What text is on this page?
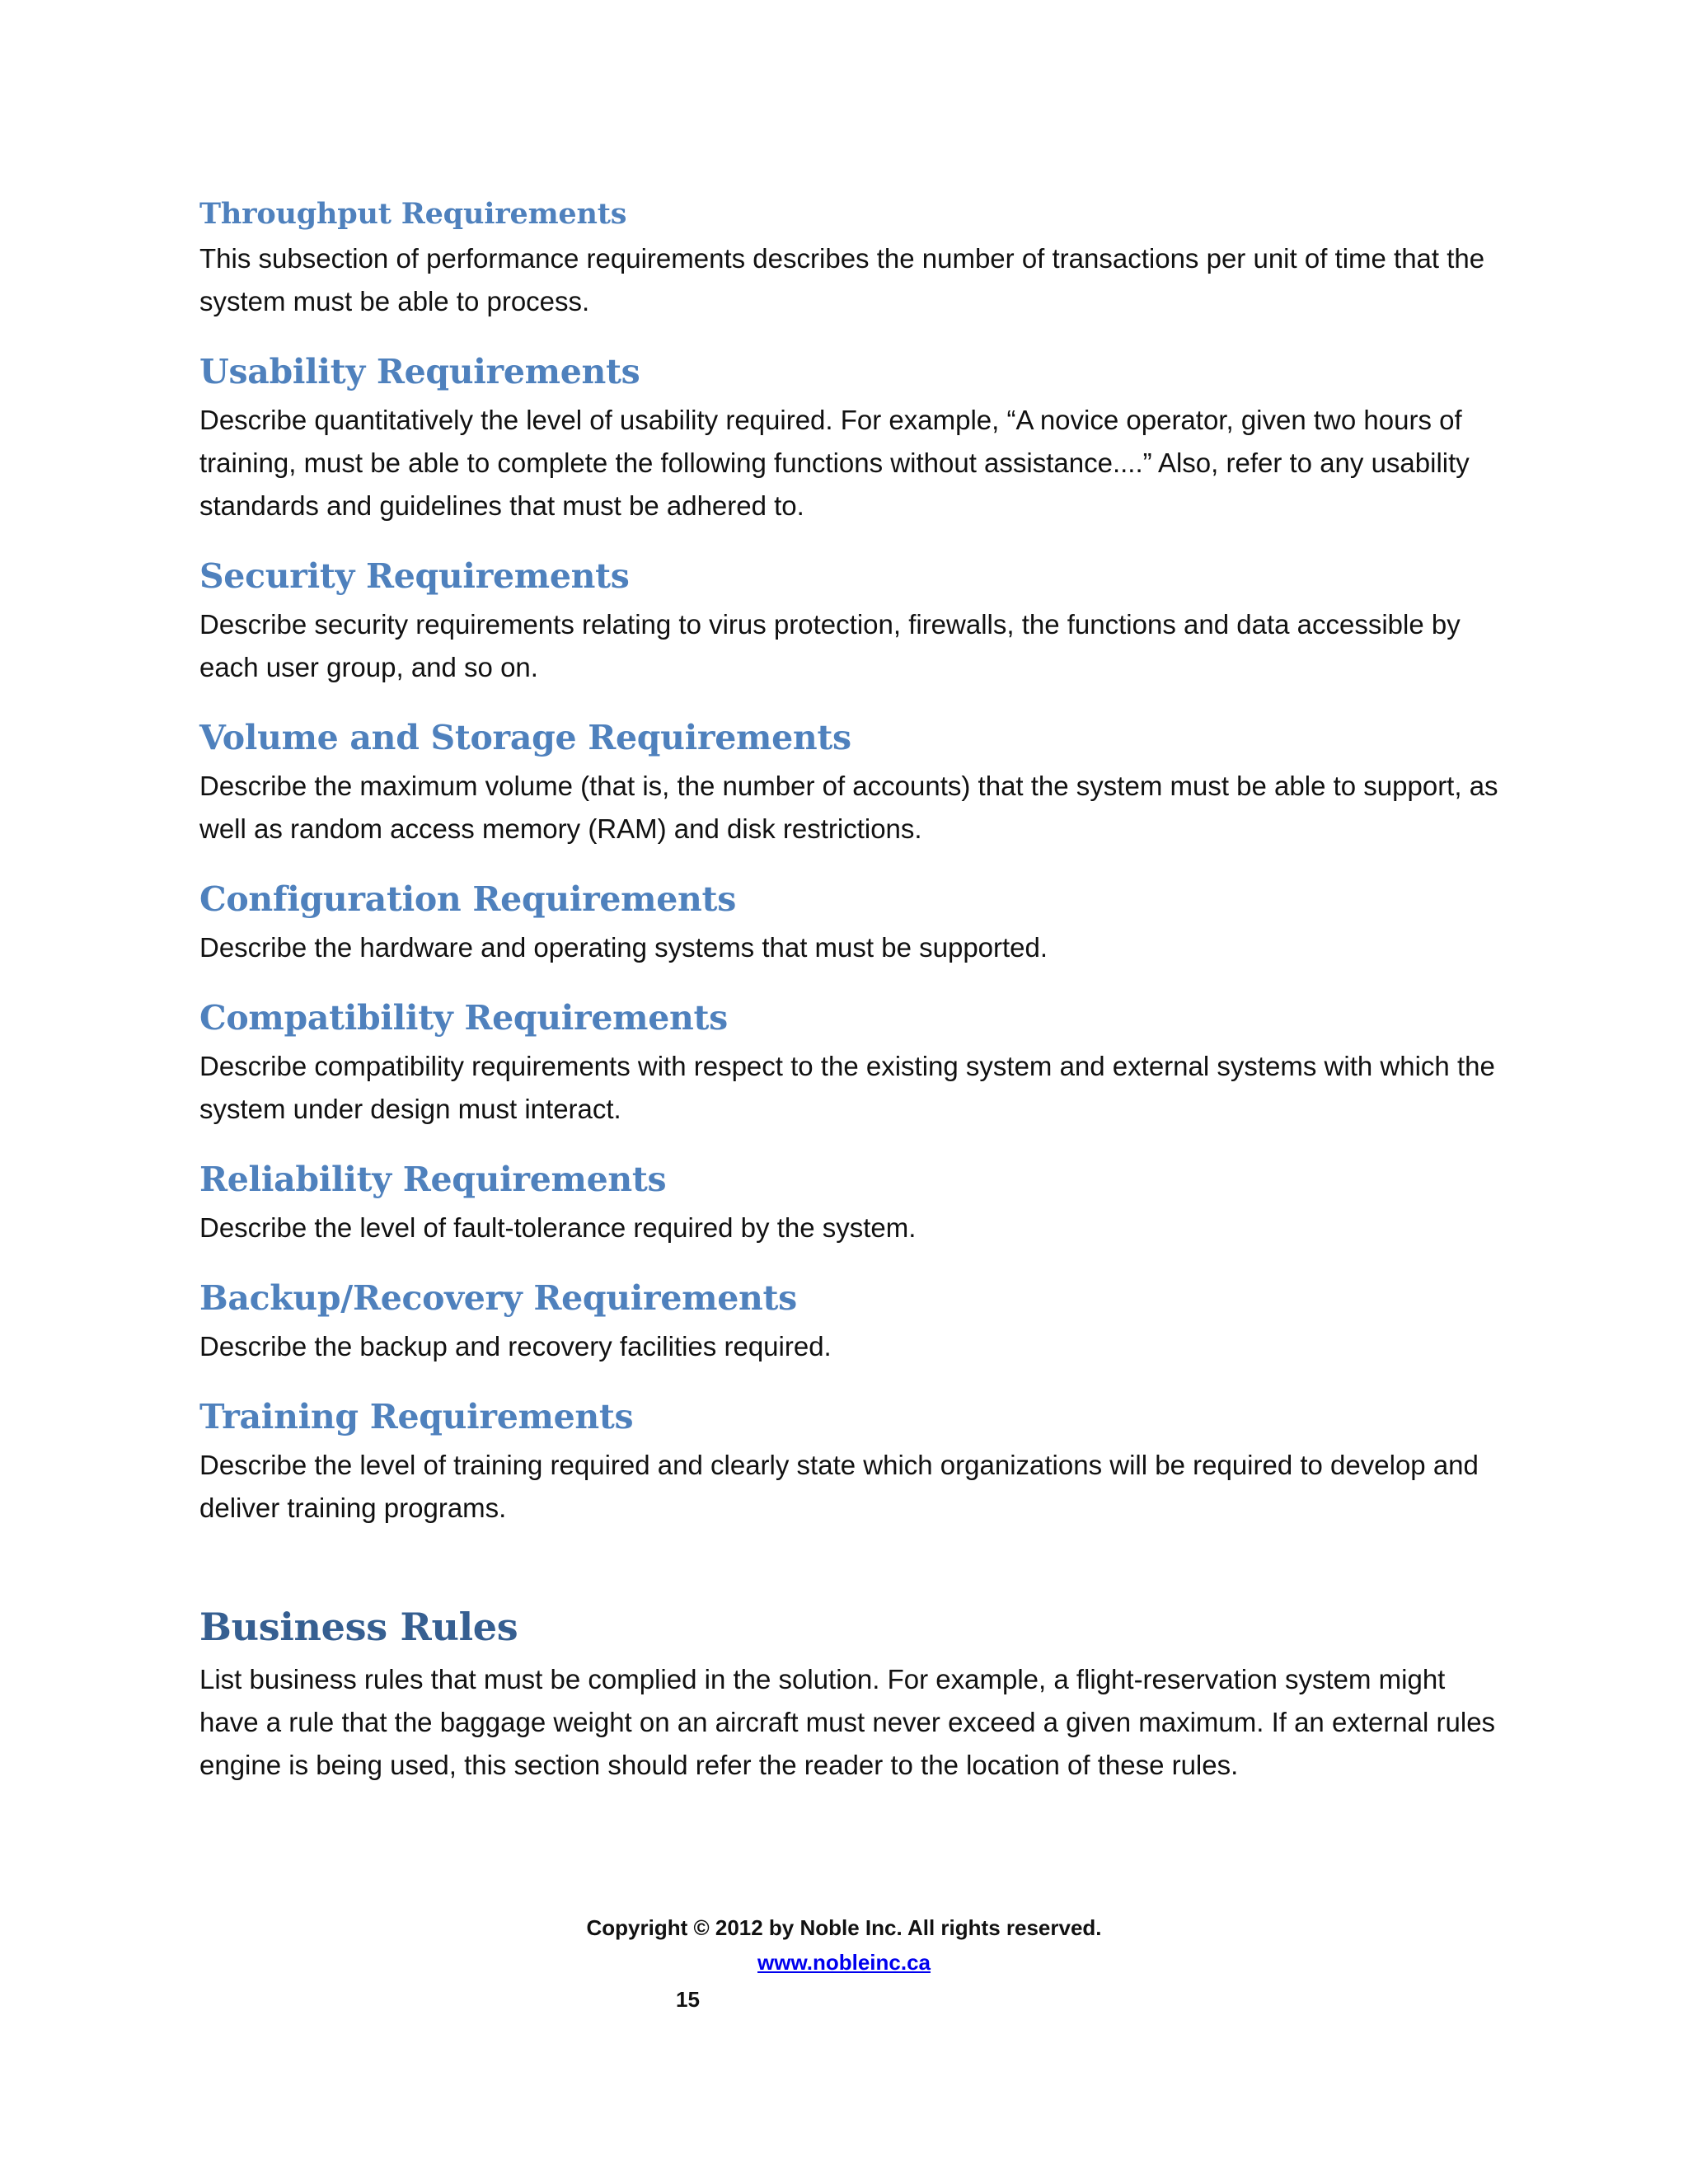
Throughput Requirements

This subsection of performance requirements describes the number of transactions per unit of time that the system must be able to process.

Usability Requirements

Describe quantitatively the level of usability required. For example, “A novice operator, given two hours of training, must be able to complete the following functions without assistance....” Also, refer to any usability standards and guidelines that must be adhered to.

Security Requirements

Describe security requirements relating to virus protection, firewalls, the functions and data accessible by each user group, and so on.

Volume and Storage Requirements

Describe the maximum volume (that is, the number of accounts) that the system must be able to support, as well as random access memory (RAM) and disk restrictions.

Configuration Requirements

Describe the hardware and operating systems that must be supported.

Compatibility Requirements

Describe compatibility requirements with respect to the existing system and external systems with which the system under design must interact.

Reliability Requirements

Describe the level of fault-tolerance required by the system.

Backup/Recovery Requirements

Describe the backup and recovery facilities required.

Training Requirements

Describe the level of training required and clearly state which organizations will be required to develop and deliver training programs.

Business Rules

List business rules that must be complied in the solution. For example, a flight-reservation system might have a rule that the baggage weight on an aircraft must never exceed a given maximum. If an external rules engine is being used, this section should refer the reader to the location of these rules.

Copyright © 2012 by Noble Inc. All rights reserved.

www.nobleinc.ca

15
